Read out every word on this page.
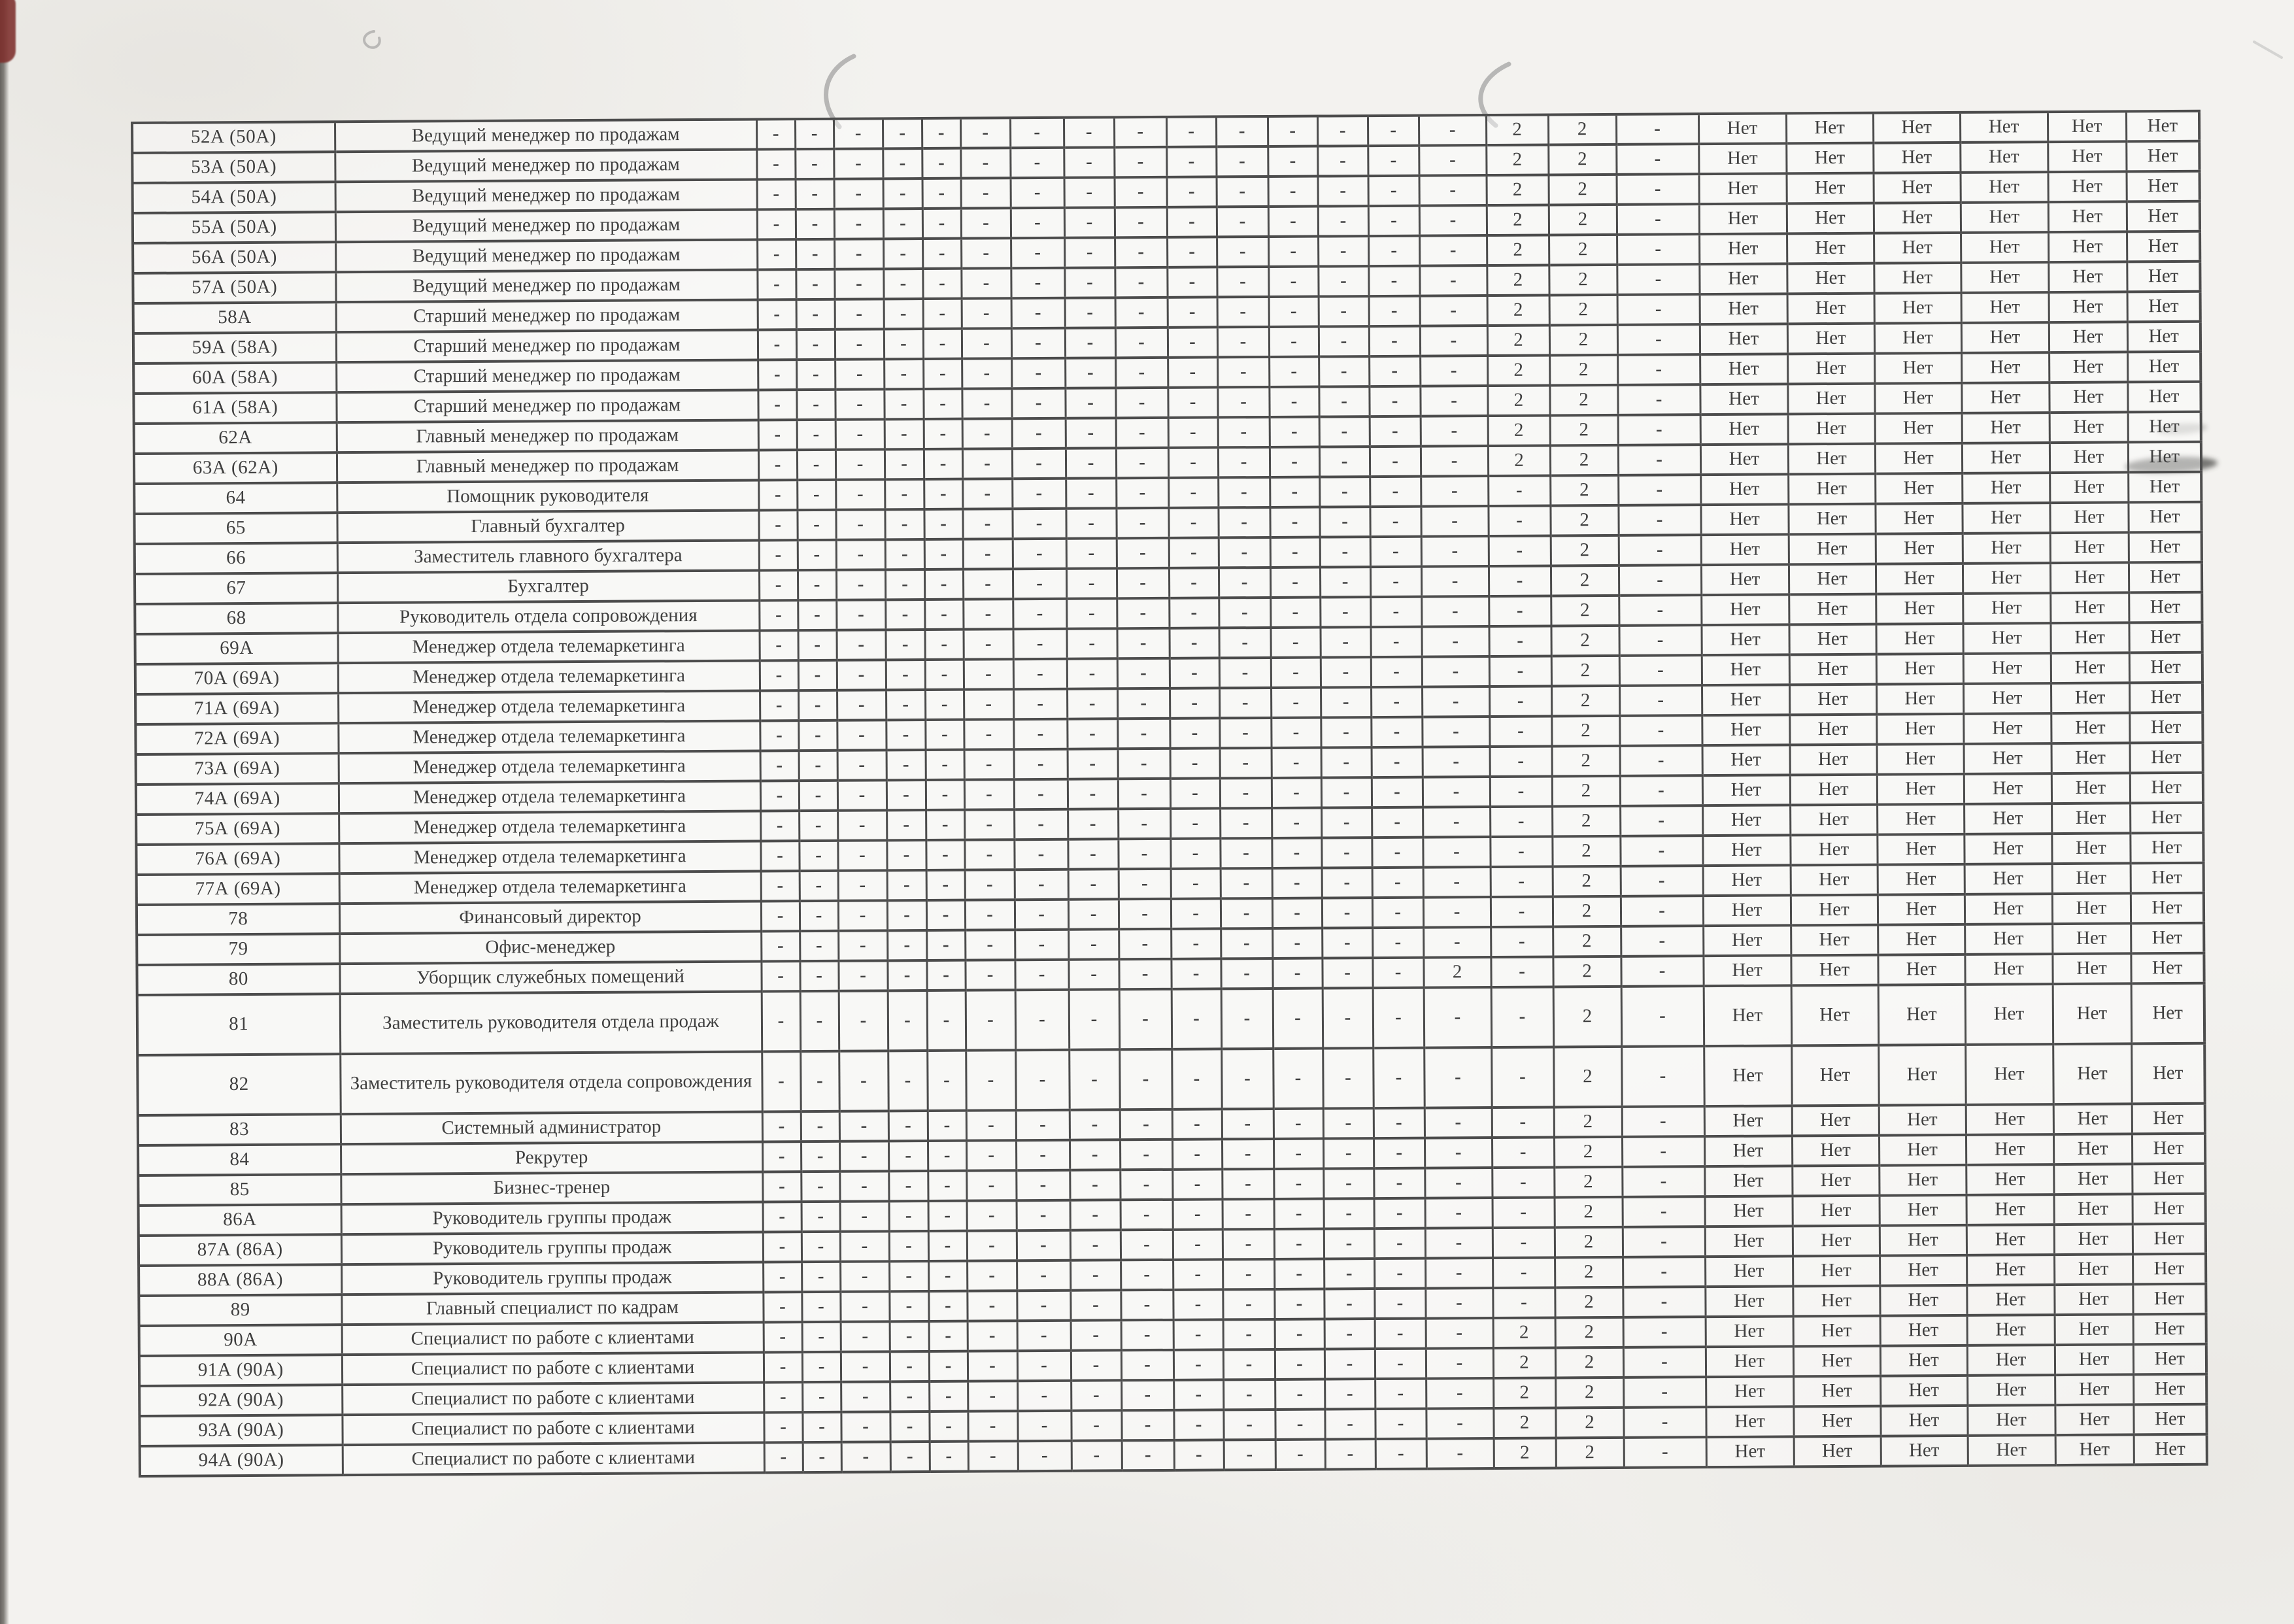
52А (50А)	Ведущий менеджер по продажам	-	-	-	-	-	-	-	-	-	-	-	-	-	-	-	2	2	-	Нет	Нет	Нет	Нет	Нет	Нет
53А (50А)	Ведущий менеджер по продажам	-	-	-	-	-	-	-	-	-	-	-	-	-	-	-	2	2	-	Нет	Нет	Нет	Нет	Нет	Нет
54А (50А)	Ведущий менеджер по продажам	-	-	-	-	-	-	-	-	-	-	-	-	-	-	-	2	2	-	Нет	Нет	Нет	Нет	Нет	Нет
55А (50А)	Ведущий менеджер по продажам	-	-	-	-	-	-	-	-	-	-	-	-	-	-	-	2	2	-	Нет	Нет	Нет	Нет	Нет	Нет
56А (50А)	Ведущий менеджер по продажам	-	-	-	-	-	-	-	-	-	-	-	-	-	-	-	2	2	-	Нет	Нет	Нет	Нет	Нет	Нет
57А (50А)	Ведущий менеджер по продажам	-	-	-	-	-	-	-	-	-	-	-	-	-	-	-	2	2	-	Нет	Нет	Нет	Нет	Нет	Нет
58А	Старший менеджер по продажам	-	-	-	-	-	-	-	-	-	-	-	-	-	-	-	2	2	-	Нет	Нет	Нет	Нет	Нет	Нет
59А (58А)	Старший менеджер по продажам	-	-	-	-	-	-	-	-	-	-	-	-	-	-	-	2	2	-	Нет	Нет	Нет	Нет	Нет	Нет
60А (58А)	Старший менеджер по продажам	-	-	-	-	-	-	-	-	-	-	-	-	-	-	-	2	2	-	Нет	Нет	Нет	Нет	Нет	Нет
61А (58А)	Старший менеджер по продажам	-	-	-	-	-	-	-	-	-	-	-	-	-	-	-	2	2	-	Нет	Нет	Нет	Нет	Нет	Нет
62А	Главный менеджер по продажам	-	-	-	-	-	-	-	-	-	-	-	-	-	-	-	2	2	-	Нет	Нет	Нет	Нет	Нет	Нет
63А (62А)	Главный менеджер по продажам	-	-	-	-	-	-	-	-	-	-	-	-	-	-	-	2	2	-	Нет	Нет	Нет	Нет	Нет	Нет
64	Помощник руководителя	-	-	-	-	-	-	-	-	-	-	-	-	-	-	-	-	2	-	Нет	Нет	Нет	Нет	Нет	Нет
65	Главный бухгалтер	-	-	-	-	-	-	-	-	-	-	-	-	-	-	-	-	2	-	Нет	Нет	Нет	Нет	Нет	Нет
66	Заместитель главного бухгалтера	-	-	-	-	-	-	-	-	-	-	-	-	-	-	-	-	2	-	Нет	Нет	Нет	Нет	Нет	Нет
67	Бухгалтер	-	-	-	-	-	-	-	-	-	-	-	-	-	-	-	-	2	-	Нет	Нет	Нет	Нет	Нет	Нет
68	Руководитель отдела сопровождения	-	-	-	-	-	-	-	-	-	-	-	-	-	-	-	-	2	-	Нет	Нет	Нет	Нет	Нет	Нет
69А	Менеджер отдела телемаркетинга	-	-	-	-	-	-	-	-	-	-	-	-	-	-	-	-	2	-	Нет	Нет	Нет	Нет	Нет	Нет
70А (69А)	Менеджер отдела телемаркетинга	-	-	-	-	-	-	-	-	-	-	-	-	-	-	-	-	2	-	Нет	Нет	Нет	Нет	Нет	Нет
71А (69А)	Менеджер отдела телемаркетинга	-	-	-	-	-	-	-	-	-	-	-	-	-	-	-	-	2	-	Нет	Нет	Нет	Нет	Нет	Нет
72А (69А)	Менеджер отдела телемаркетинга	-	-	-	-	-	-	-	-	-	-	-	-	-	-	-	-	2	-	Нет	Нет	Нет	Нет	Нет	Нет
73А (69А)	Менеджер отдела телемаркетинга	-	-	-	-	-	-	-	-	-	-	-	-	-	-	-	-	2	-	Нет	Нет	Нет	Нет	Нет	Нет
74А (69А)	Менеджер отдела телемаркетинга	-	-	-	-	-	-	-	-	-	-	-	-	-	-	-	-	2	-	Нет	Нет	Нет	Нет	Нет	Нет
75А (69А)	Менеджер отдела телемаркетинга	-	-	-	-	-	-	-	-	-	-	-	-	-	-	-	-	2	-	Нет	Нет	Нет	Нет	Нет	Нет
76А (69А)	Менеджер отдела телемаркетинга	-	-	-	-	-	-	-	-	-	-	-	-	-	-	-	-	2	-	Нет	Нет	Нет	Нет	Нет	Нет
77А (69А)	Менеджер отдела телемаркетинга	-	-	-	-	-	-	-	-	-	-	-	-	-	-	-	-	2	-	Нет	Нет	Нет	Нет	Нет	Нет
78	Финансовый директор	-	-	-	-	-	-	-	-	-	-	-	-	-	-	-	-	2	-	Нет	Нет	Нет	Нет	Нет	Нет
79	Офис-менеджер	-	-	-	-	-	-	-	-	-	-	-	-	-	-	-	-	2	-	Нет	Нет	Нет	Нет	Нет	Нет
80	Уборщик служебных помещений	-	-	-	-	-	-	-	-	-	-	-	-	-	-	2	-	2	-	Нет	Нет	Нет	Нет	Нет	Нет
81	Заместитель руководителя отдела продаж	-	-	-	-	-	-	-	-	-	-	-	-	-	-	-	-	2	-	Нет	Нет	Нет	Нет	Нет	Нет
82	Заместитель руководителя отдела сопровождения	-	-	-	-	-	-	-	-	-	-	-	-	-	-	-	-	2	-	Нет	Нет	Нет	Нет	Нет	Нет
83	Системный администратор	-	-	-	-	-	-	-	-	-	-	-	-	-	-	-	-	2	-	Нет	Нет	Нет	Нет	Нет	Нет
84	Рекрутер	-	-	-	-	-	-	-	-	-	-	-	-	-	-	-	-	2	-	Нет	Нет	Нет	Нет	Нет	Нет
85	Бизнес-тренер	-	-	-	-	-	-	-	-	-	-	-	-	-	-	-	-	2	-	Нет	Нет	Нет	Нет	Нет	Нет
86А	Руководитель группы продаж	-	-	-	-	-	-	-	-	-	-	-	-	-	-	-	-	2	-	Нет	Нет	Нет	Нет	Нет	Нет
87А (86А)	Руководитель группы продаж	-	-	-	-	-	-	-	-	-	-	-	-	-	-	-	-	2	-	Нет	Нет	Нет	Нет	Нет	Нет
88А (86А)	Руководитель группы продаж	-	-	-	-	-	-	-	-	-	-	-	-	-	-	-	-	2	-	Нет	Нет	Нет	Нет	Нет	Нет
89	Главный специалист по кадрам	-	-	-	-	-	-	-	-	-	-	-	-	-	-	-	-	2	-	Нет	Нет	Нет	Нет	Нет	Нет
90А	Специалист по работе с клиентами	-	-	-	-	-	-	-	-	-	-	-	-	-	-	-	2	2	-	Нет	Нет	Нет	Нет	Нет	Нет
91А (90А)	Специалист по работе с клиентами	-	-	-	-	-	-	-	-	-	-	-	-	-	-	-	2	2	-	Нет	Нет	Нет	Нет	Нет	Нет
92А (90А)	Специалист по работе с клиентами	-	-	-	-	-	-	-	-	-	-	-	-	-	-	-	2	2	-	Нет	Нет	Нет	Нет	Нет	Нет
93А (90А)	Специалист по работе с клиентами	-	-	-	-	-	-	-	-	-	-	-	-	-	-	-	2	2	-	Нет	Нет	Нет	Нет	Нет	Нет
94А (90А)	Специалист по работе с клиентами	-	-	-	-	-	-	-	-	-	-	-	-	-	-	-	2	2	-	Нет	Нет	Нет	Нет	Нет	Нет
